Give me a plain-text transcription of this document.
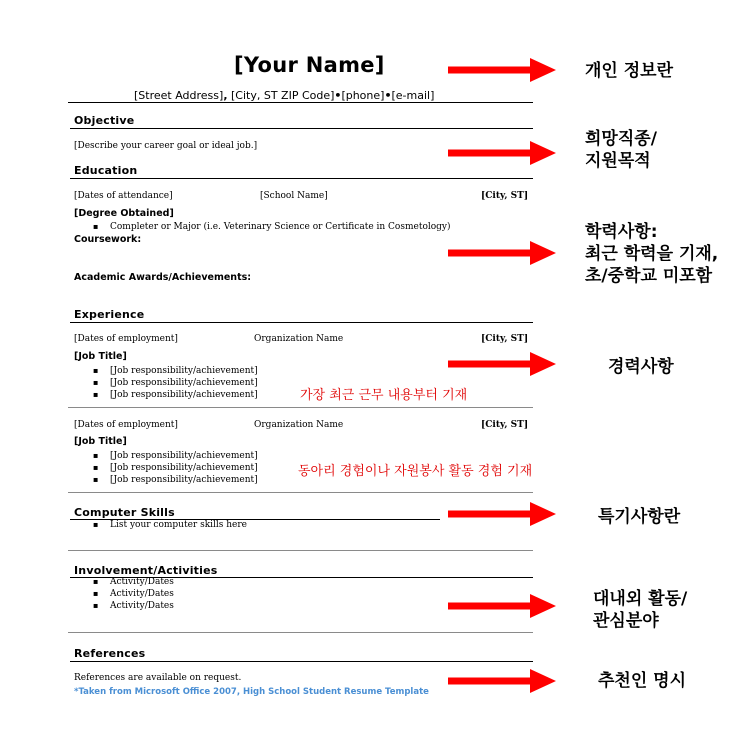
[Your Name]
[Street Address], [City, ST ZIP Code]•[phone]•[e-mail]
Objective
[Describe your career goal or ideal job.]
Education
[Dates of attendance]	[School Name]	[City, ST]
[Degree Obtained]
▪ Completer or Major (i.e. Veterinary Science or Certificate in Cosmetology)
Coursework:
Academic Awards/Achievements:
Experience
[Dates of employment]	Organization Name	[City, ST]
[Job Title]
▪ [Job responsibility/achievement]
▪ [Job responsibility/achievement]
▪ [Job responsibility/achievement]
[Dates of employment]	Organization Name	[City, ST]
[Job Title]
▪ [Job responsibility/achievement]
▪ [Job responsibility/achievement]
▪ [Job responsibility/achievement]
Computer Skills
▪ List your computer skills here
Involvement/Activities
▪ Activity/Dates
▪ Activity/Dates
▪ Activity/Dates
References
References are available on request.
*Taken from Microsoft Office 2007, High School Student Resume Template
가장 최근 근무 내용부터 기재
동아리 경험이나 자원봉사 활동 경험 기재
개인 정보란
희망직종/
지원목적
학력사항:
최근 학력을 기재,
초/중학교 미포함
경력사항
특기사항란
대내외 활동/
관심분야
추천인 명시
